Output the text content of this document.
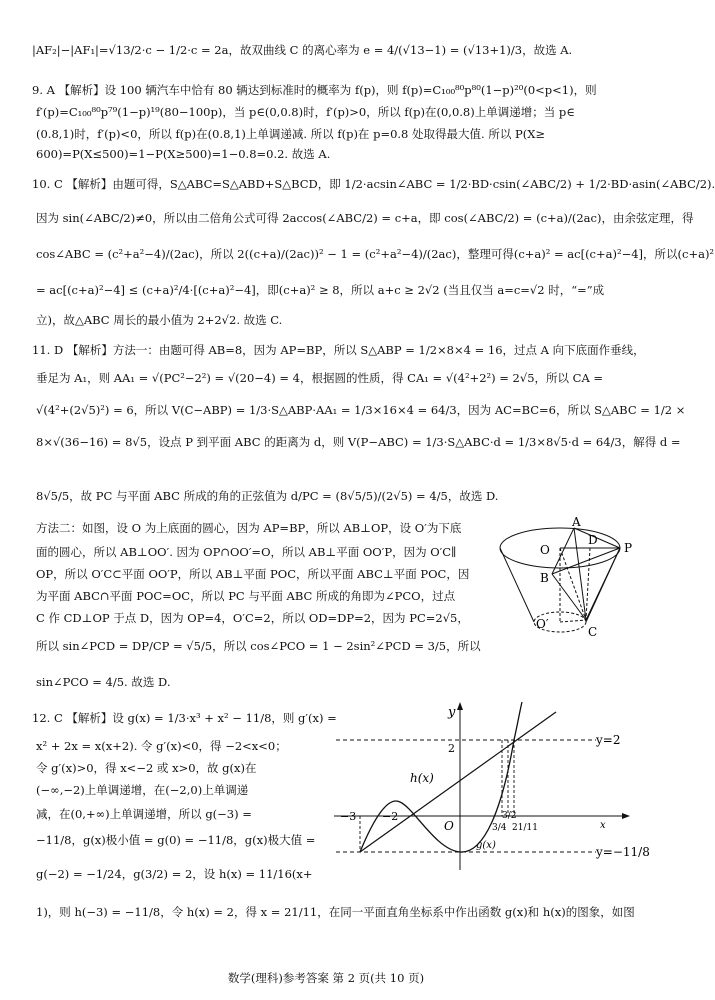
|AF₂|−|AF₁|=√13/2·c − 1/2·c = 2a，故双曲线 C 的离心率为 e = 4/(√13−1) = (√13+1)/3，故选 A.
9. A 【解析】设 100 辆汽车中恰有 80 辆达到标准时的概率为 f(p)，则 f(p)=C₁₀₀⁸⁰p⁸⁰(1−p)²⁰(0<p<1)，则
f′(p)=C₁₀₀⁸⁰p⁷⁹(1−p)¹⁹(80−100p)，当 p∈(0,0.8)时，f′(p)>0，所以 f(p)在(0,0.8)上单调递增；当 p∈
(0.8,1)时，f′(p)<0，所以 f(p)在(0.8,1)上单调递减. 所以 f(p)在 p=0.8 处取得最大值. 所以 P(X≥
600)=P(X≤500)=1−P(X≥500)=1−0.8=0.2. 故选 A.
10. C 【解析】由题可得，S△ABC=S△ABD+S△BCD，即 1/2·acsin∠ABC = 1/2·BD·csin(∠ABC/2) + 1/2·BD·asin(∠ABC/2).
因为 sin(∠ABC/2)≠0，所以由二倍角公式可得 2accos(∠ABC/2) = c+a，即 cos(∠ABC/2) = (c+a)/(2ac)，由余弦定理，得
cos∠ABC = (c²+a²−4)/(2ac)，所以 2((c+a)/(2ac))² − 1 = (c²+a²−4)/(2ac)，整理可得(c+a)² = ac[(c+a)²−4]，所以(c+a)²
= ac[(c+a)²−4] ≤ (c+a)²/4·[(c+a)²−4]，即(c+a)² ≥ 8，所以 a+c ≥ 2√2 (当且仅当 a=c=√2 时，“=”成
立)，故△ABC 周长的最小值为 2+2√2. 故选 C.
11. D 【解析】方法一：由题可得 AB=8，因为 AP=BP，所以 S△ABP = 1/2×8×4 = 16，过点 A 向下底面作垂线，
垂足为 A₁，则 AA₁ = √(PC²−2²) = √(20−4) = 4，根据圆的性质，得 CA₁ = √(4²+2²) = 2√5，所以 CA =
√(4²+(2√5)²) = 6，所以 V(C−ABP) = 1/3·S△ABP·AA₁ = 1/3×16×4 = 64/3，因为 AC=BC=6，所以 S△ABC = 1/2 ×
8×√(36−16) = 8√5，设点 P 到平面 ABC 的距离为 d，则 V(P−ABC) = 1/3·S△ABC·d = 1/3×8√5·d = 64/3，解得 d =
8√5/5，故 PC 与平面 ABC 所成的角的正弦值为 d/PC = (8√5/5)/(2√5) = 4/5，故选 D.
方法二：如图，设 O 为上底面的圆心，因为 AP=BP，所以 AB⊥OP，设 O′为下底
面的圆心，所以 AB⊥OO′. 因为 OP∩OO′=O，所以 AB⊥平面 OO′P，因为 O′C∥
OP，所以 O′C⊂平面 OO′P，所以 AB⊥平面 POC，所以平面 ABC⊥平面 POC，因
为平面 ABC∩平面 POC=OC，所以 PC 与平面 ABC 所成的角即为∠PCO，过点
C 作 CD⊥OP 于点 D，因为 OP=4，O′C=2，所以 OD=DP=2，因为 PC=2√5，
所以 sin∠PCD = DP/CP = √5/5，所以 cos∠PCO = 1 − 2sin²∠PCD = 3/5，所以
sin∠PCO = 4/5. 故选 D.
A
O
D
P
B
O′
C
12. C 【解析】设 g(x) = 1/3·x³ + x² − 11/8，则 g′(x) =
x² + 2x = x(x+2). 令 g′(x)<0，得 −2<x<0；
令 g′(x)>0，得 x<−2 或 x>0，故 g(x)在
(−∞,−2)上单调递增，在(−2,0)上单调递
减，在(0,+∞)上单调递增，所以 g(−3) =
−11/8，g(x)极小值 = g(0) = −11/8，g(x)极大值 =
g(−2) = −1/24，g(3/2) = 2，设 h(x) = 11/16(x+
1)，则 h(−3) = −11/8，令 h(x) = 2，得 x = 21/11，在同一平面直角坐标系中作出函数 g(x)和 h(x)的图象，如图
y
x
y=2
y=−11/8
h(x)
g(x)
O
2
−3 −2
3/4
3/2
21/11
数学(理科)参考答案 第 2 页(共 10 页)
